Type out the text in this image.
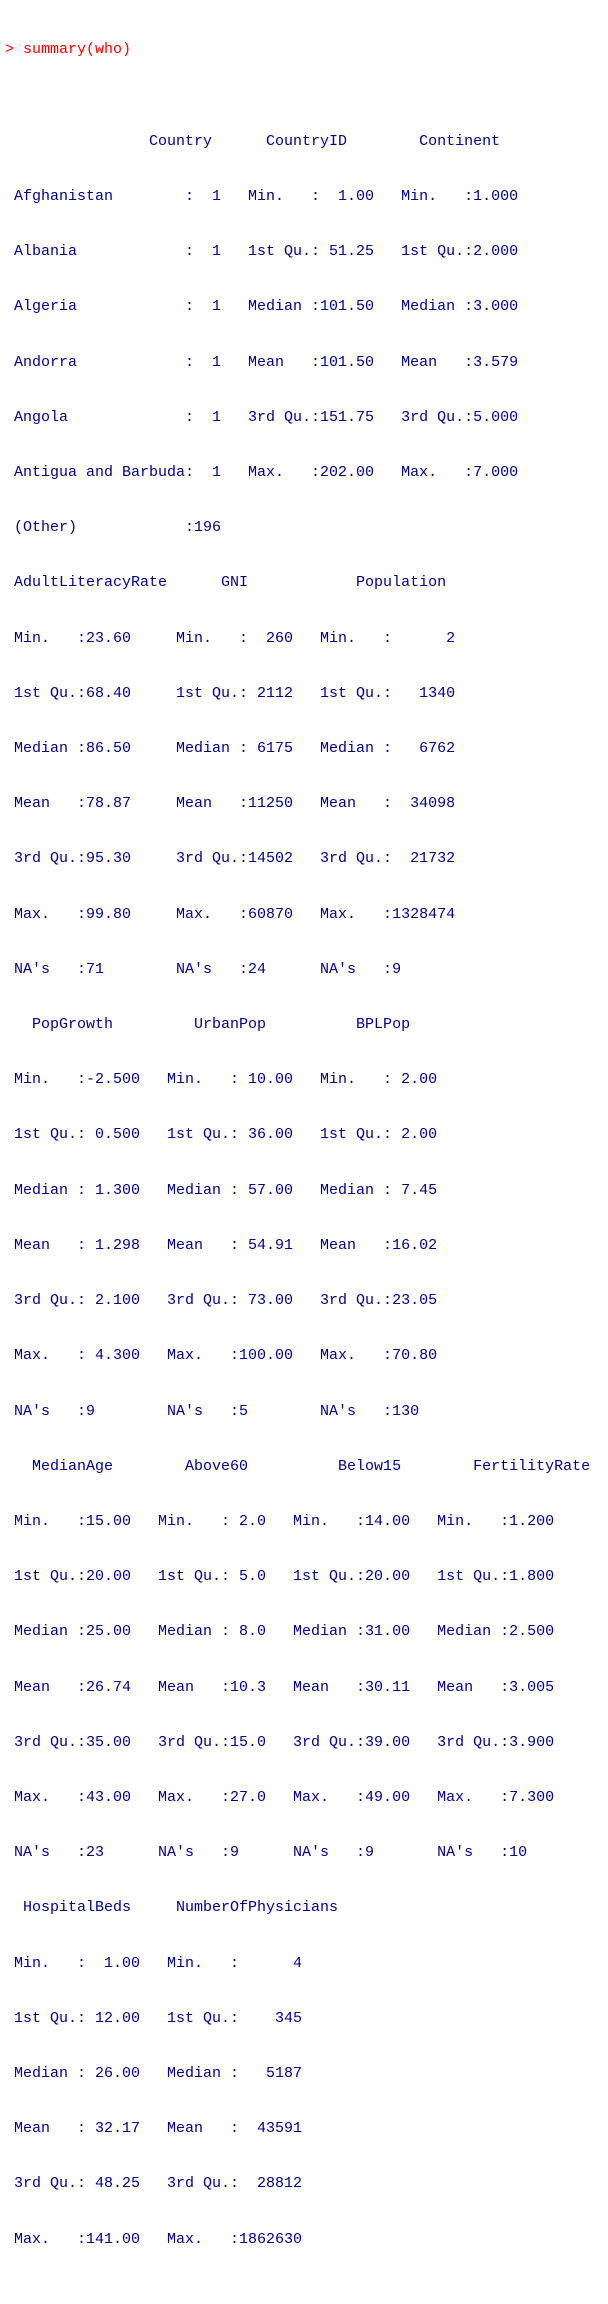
> summary(who)

Country      CountryID        Continent

Afghanistan        :  1   Min.   :  1.00   Min.   :1.000

Albania            :  1   1st Qu.: 51.25   1st Qu.:2.000

Algeria            :  1   Median :101.50   Median :3.000

Andorra            :  1   Mean   :101.50   Mean   :3.579

Angola             :  1   3rd Qu.:151.75   3rd Qu.:5.000

Antigua and Barbuda:  1   Max.   :202.00   Max.   :7.000

(Other)            :196

AdultLiteracyRate      GNI            Population

Min.   :23.60     Min.   :  260   Min.   :      2

1st Qu.:68.40     1st Qu.: 2112   1st Qu.:   1340

Median :86.50     Median : 6175   Median :   6762

Mean   :78.87     Mean   :11250   Mean   :  34098

3rd Qu.:95.30     3rd Qu.:14502   3rd Qu.:  21732

Max.   :99.80     Max.   :60870   Max.   :1328474

NA's   :71        NA's   :24      NA's   :9

PopGrowth         UrbanPop          BPLPop

Min.   :-2.500   Min.   : 10.00   Min.   : 2.00

1st Qu.: 0.500   1st Qu.: 36.00   1st Qu.: 2.00

Median : 1.300   Median : 57.00   Median : 7.45

Mean   : 1.298   Mean   : 54.91   Mean   :16.02

3rd Qu.: 2.100   3rd Qu.: 73.00   3rd Qu.:23.05

Max.   : 4.300   Max.   :100.00   Max.   :70.80

NA's   :9        NA's   :5        NA's   :130

MedianAge        Above60          Below15        FertilityRate

Min.   :15.00   Min.   : 2.0   Min.   :14.00   Min.   :1.200

1st Qu.:20.00   1st Qu.: 5.0   1st Qu.:20.00   1st Qu.:1.800

Median :25.00   Median : 8.0   Median :31.00   Median :2.500

Mean   :26.74   Mean   :10.3   Mean   :30.11   Mean   :3.005

3rd Qu.:35.00   3rd Qu.:15.0   3rd Qu.:39.00   3rd Qu.:3.900

Max.   :43.00   Max.   :27.0   Max.   :49.00   Max.   :7.300

NA's   :23      NA's   :9      NA's   :9       NA's   :10

HospitalBeds     NumberOfPhysicians

Min.   :  1.00   Min.   :      4

1st Qu.: 12.00   1st Qu.:    345

Median : 26.00   Median :   5187

Mean   : 32.17   Mean   :  43591

3rd Qu.: 48.25   3rd Qu.:  28812

Max.   :141.00   Max.   :1862630
